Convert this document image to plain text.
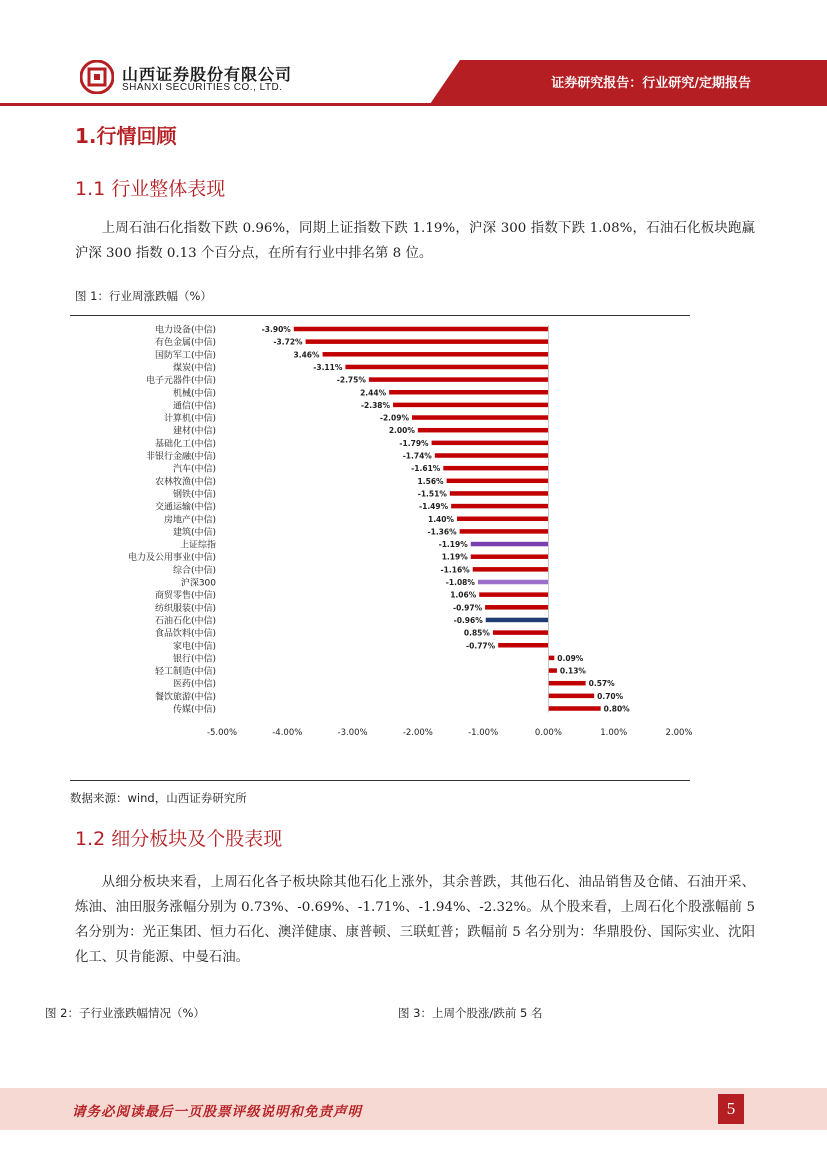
山西证券股份有限公司
SHANXI SECURITIES CO., LTD.	证券研究报告：行业研究/定期报告
1.行情回顾
1.1 行业整体表现
上周石油石化指数下跌 0.96%，同期上证指数下跌 1.19%，沪深 300 指数下跌 1.08%，石油石化板块跑赢沪深 300 指数 0.13 个百分点，在所有行业中排名第 8 位。
图 1：行业周涨跌幅（%）
电力设备(中信)
有色金属(中信)
国防军工(中信)
煤炭(中信)
电子元器件(中信)
机械(中信)
通信(中信)
计算机(中信)
建材(中信)
基础化工(中信)
非银行金融(中信)
汽车(中信)
农林牧渔(中信)
钢铁(中信)
交通运输(中信)
房地产(中信)
建筑(中信)
上证综指
电力及公用事业(中信)
综合(中信)
沪深300
商贸零售(中信)
纺织服装(中信)
石油石化(中信)
食品饮料(中信)
家电(中信)
银行(中信)
轻工制造(中信)
医药(中信)
餐饮旅游(中信)
传媒(中信)
-3.90%
-3.72%
3.46%
-3.11%
-2.75%
2.44%
-2.38%
-2.09%
2.00%
-1.79%
-1.74%
-1.61%
1.56%
-1.51%
-1.49%
1.40%
-1.36%
-1.19%
1.19%
-1.16%
-1.08%
1.06%
-0.97%
-0.96%
0.85%
-0.77%
0.09%
0.13%
0.57%
0.70%
0.80%
-5.00%	-4.00%	-3.00%	-2.00%	-1.00%	0.00%	1.00%	2.00%
数据来源：wind，山西证券研究所
1.2 细分板块及个股表现
从细分板块来看，上周石化各子板块除其他石化上涨外，其余普跌，其他石化、油品销售及仓储、石油开采、炼油、油田服务涨幅分别为 0.73%、-0.69%、-1.71%、-1.94%、-2.32%。从个股来看，上周石化个股涨幅前 5 名分别为：光正集团、恒力石化、澳洋健康、康普顿、三联虹普；跌幅前 5 名分别为：华鼎股份、国际实业、沈阳化工、贝肯能源、中曼石油。
图 2：子行业涨跌幅情况（%）	图 3：上周个股涨/跌前 5 名
请务必阅读最后一页股票评级说明和免责声明	5
